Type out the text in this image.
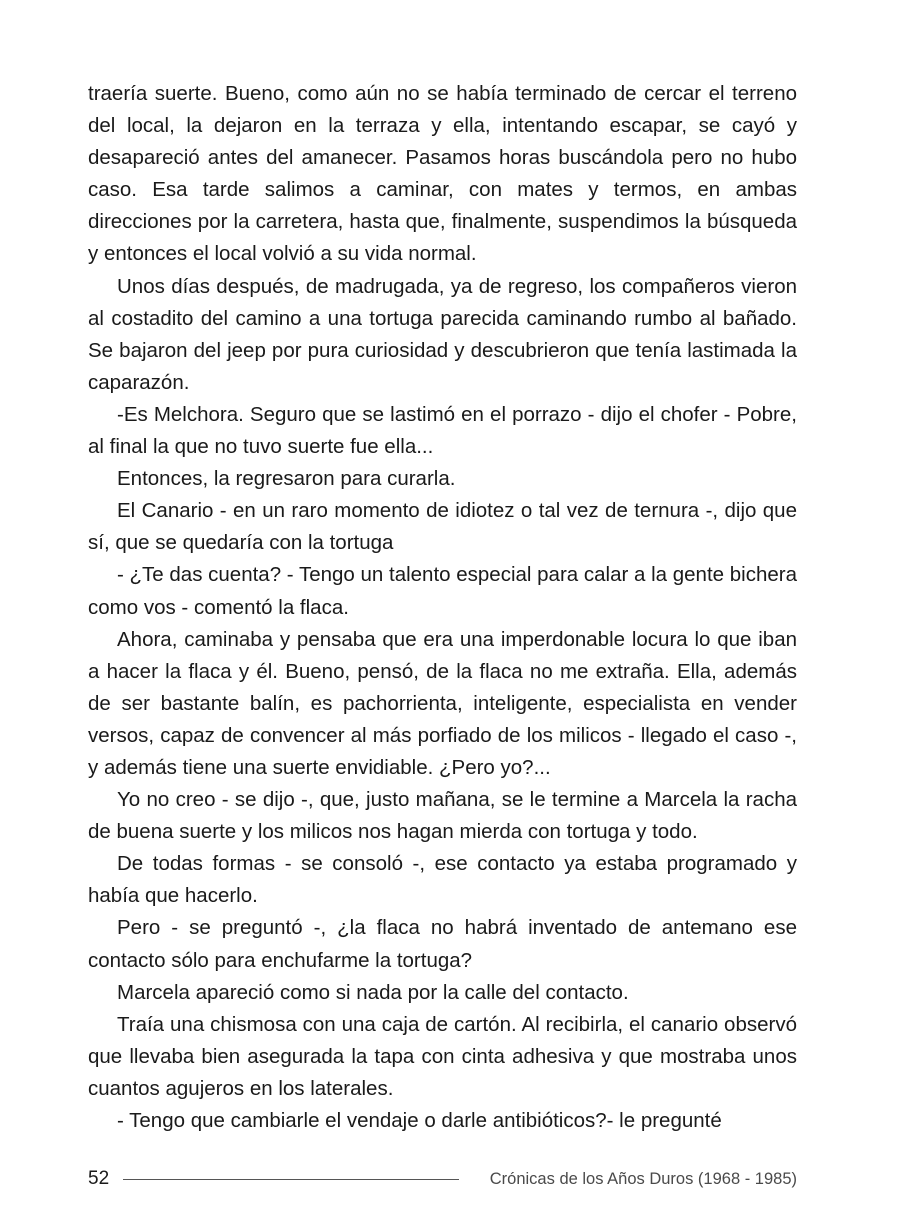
traería suerte. Bueno, como aún no se había terminado de cercar el terreno del local, la dejaron en la terraza y ella, intentando escapar, se cayó y desapareció antes del amanecer. Pasamos horas buscándola pero no hubo caso. Esa tarde salimos a caminar, con mates y termos, en ambas direcciones por la carretera, hasta que, finalmente, suspendimos la búsqueda y entonces el local volvió a su vida normal.

Unos días después, de madrugada, ya de regreso, los compañeros vieron al costadito del camino a una tortuga parecida caminando rumbo al bañado. Se bajaron del jeep por pura curiosidad y descubrieron que tenía lastimada la caparazón.

-Es Melchora. Seguro que se lastimó en el porrazo - dijo el chofer - Pobre, al final la que no tuvo suerte fue ella...

Entonces, la regresaron para curarla.

El Canario - en un raro momento de idiotez o tal vez de ternura -, dijo que sí, que se quedaría con la tortuga

- ¿Te das cuenta? - Tengo un talento especial para calar a la gente bichera como vos - comentó la flaca.

Ahora, caminaba y pensaba que era una imperdonable locura lo que iban a hacer la flaca y él. Bueno, pensó, de la flaca no me extraña. Ella, además de ser bastante balín, es pachorrienta, inteligente, especialista en vender versos, capaz de convencer al más porfiado de los milicos - llegado el caso -, y además tiene una suerte envidiable. ¿Pero yo?...

Yo no creo - se dijo -, que, justo mañana, se le termine a Marcela la racha de buena suerte y los milicos nos hagan mierda con tortuga y todo.

De todas formas - se consoló -, ese contacto ya estaba programado y había que hacerlo.

Pero - se preguntó -, ¿la flaca no habrá inventado de antemano ese contacto sólo para enchufarme la tortuga?

Marcela apareció como si nada por la calle del contacto.

Traía una chismosa con una caja de cartón. Al recibirla, el canario observó que llevaba bien asegurada la tapa con cinta adhesiva y que mostraba unos cuantos agujeros en los laterales.

- Tengo que cambiarle el vendaje o darle antibióticos?- le pregunté

52	Crónicas de los Años Duros (1968 - 1985)
